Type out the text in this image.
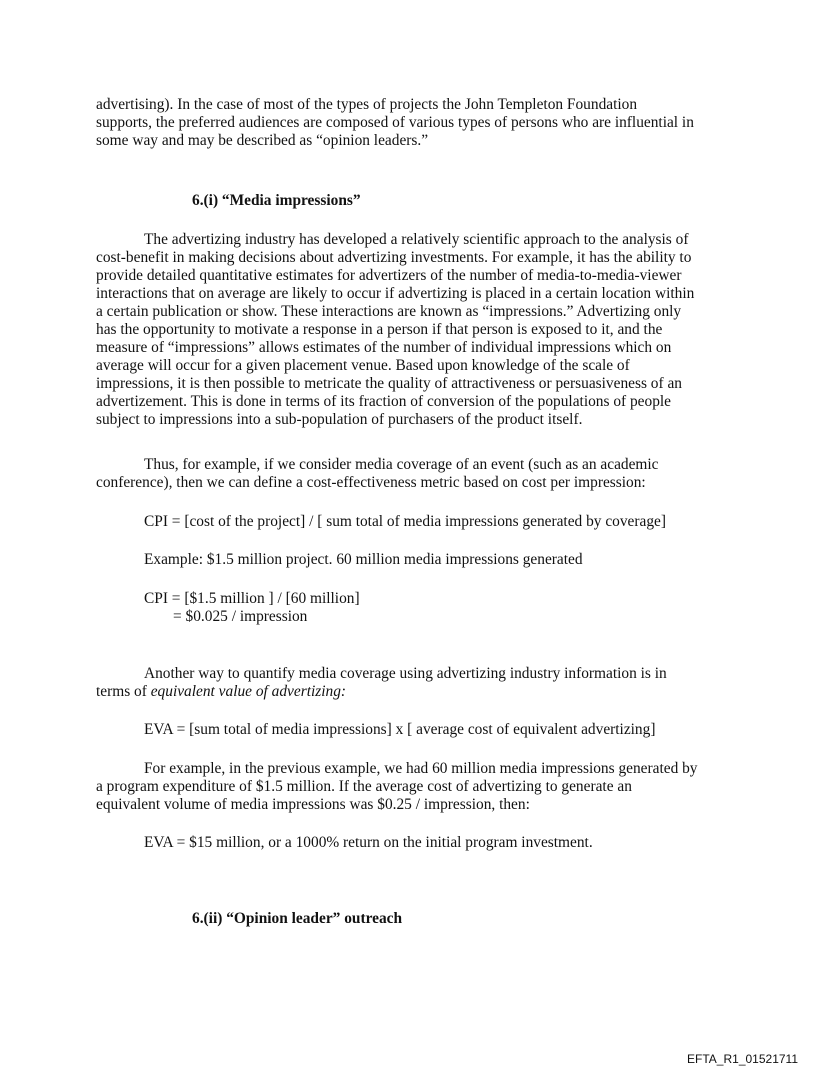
advertising). In the case of most of the types of projects the John Templeton Foundation
supports, the preferred audiences are composed of various types of persons who are influential in
some way and may be described as “opinion leaders.”
6.(i) “Media impressions”
The advertizing industry has developed a relatively scientific approach to the analysis of
cost-benefit in making decisions about advertizing investments. For example, it has the ability to
provide detailed quantitative estimates for advertizers of the number of media-to-media-viewer
interactions that on average are likely to occur if advertizing is placed in a certain location within
a certain publication or show. These interactions are known as “impressions.” Advertizing only
has the opportunity to motivate a response in a person if that person is exposed to it, and the
measure of “impressions” allows estimates of the number of individual impressions which on
average will occur for a given placement venue. Based upon knowledge of the scale of
impressions, it is then possible to metricate the quality of attractiveness or persuasiveness of an
advertizement. This is done in terms of its fraction of conversion of the populations of people
subject to impressions into a sub-population of purchasers of the product itself.
Thus, for example, if we consider media coverage of an event (such as an academic
conference), then we can define a cost-effectiveness metric based on cost per impression:
CPI = [cost of the project] / [ sum total of media impressions generated by coverage]
Example: $1.5 million project. 60 million media impressions generated
CPI = [$1.5 million ] / [60 million]
= $0.025 / impression
Another way to quantify media coverage using advertizing industry information is in
terms of equivalent value of advertizing:
EVA = [sum total of media impressions] x [ average cost of equivalent advertizing]
For example, in the previous example, we had 60 million media impressions generated by
a program expenditure of $1.5 million. If the average cost of advertizing to generate an
equivalent volume of media impressions was $0.25 / impression, then:
EVA = $15 million, or a 1000% return on the initial program investment.
6.(ii) “Opinion leader” outreach
EFTA_R1_01521711
